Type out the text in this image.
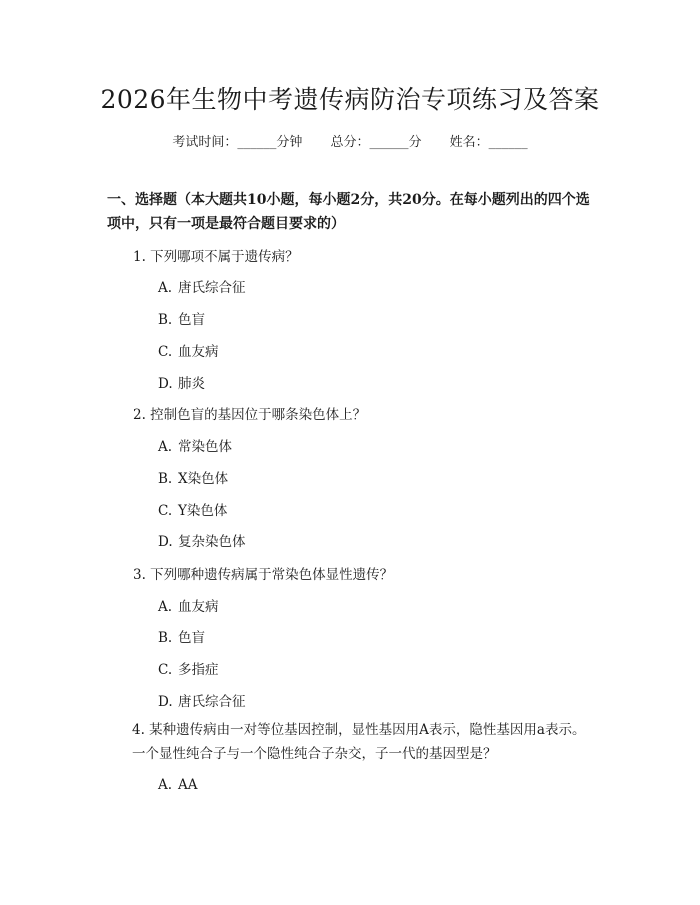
2026年生物中考遗传病防治专项练习及答案
考试时间：______分钟 总分：______分 姓名：______
一、选择题（本大题共10小题，每小题2分，共20分。在每小题列出的四个选项中，只有一项是最符合题目要求的）
1. 下列哪项不属于遗传病？
A. 唐氏综合征
B. 色盲
C. 血友病
D. 肺炎
2. 控制色盲的基因位于哪条染色体上？
A. 常染色体
B. X染色体
C. Y染色体
D. 复杂染色体
3. 下列哪种遗传病属于常染色体显性遗传？
A. 血友病
B. 色盲
C. 多指症
D. 唐氏综合征
4. 某种遗传病由一对等位基因控制，显性基因用A表示，隐性基因用a表示。一个显性纯合子与一个隐性纯合子杂交，子一代的基因型是？
A. AA
